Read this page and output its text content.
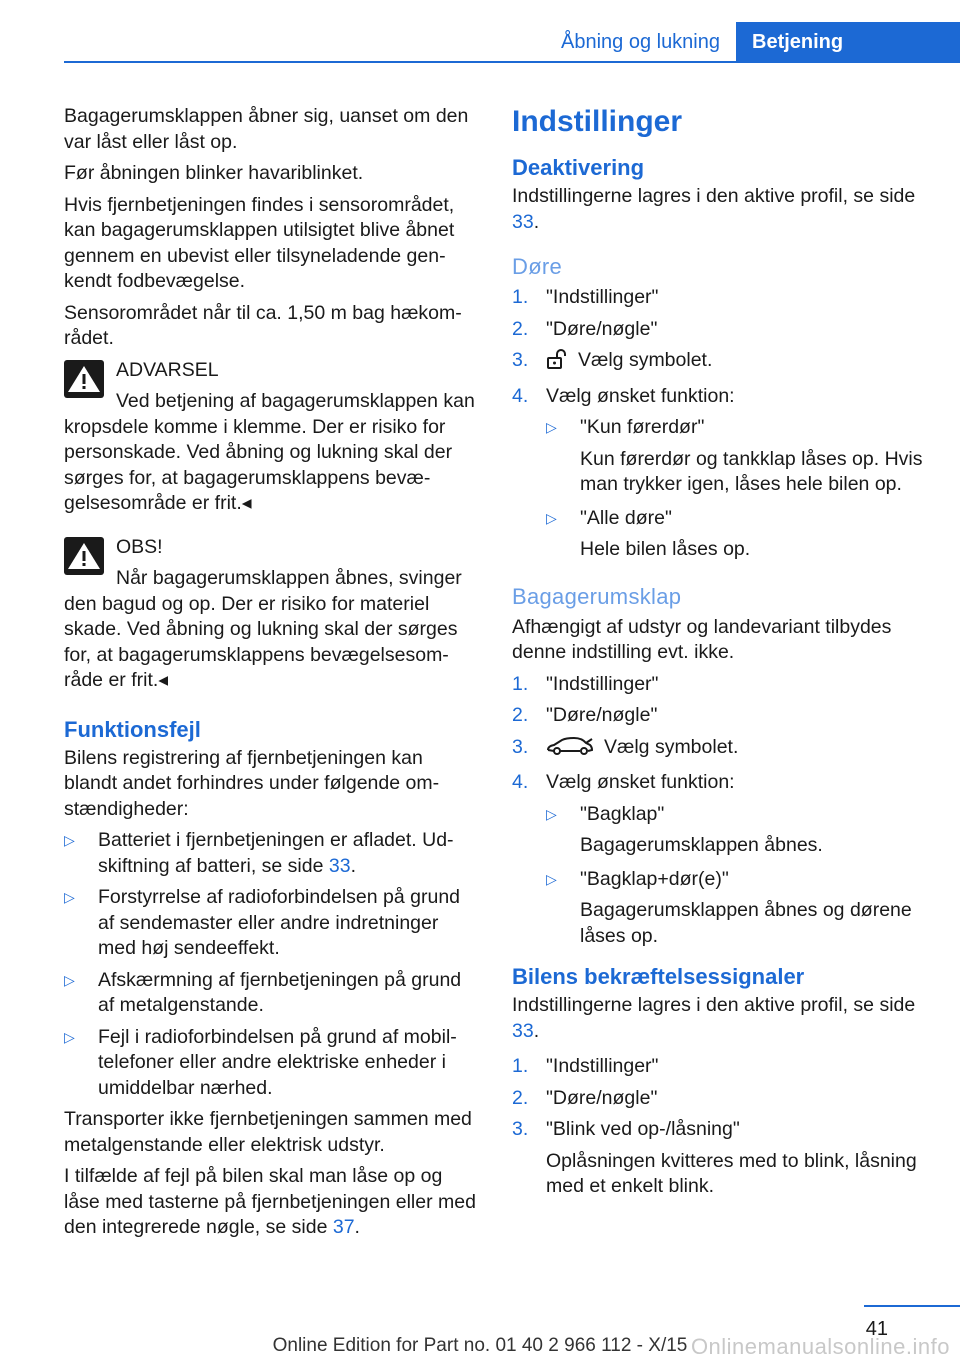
Åbning og lukning	Betjening

Bagagerumsklappen åbner sig, uanset om den var låst eller låst op.

Før åbningen blinker havariblinket.

Hvis fjernbetjeningen findes i sensorområdet, kan bagagerumsklappen utilsigtet blive åbnet gennem en ubevist eller tilsyneladende gen-kendt fodbevægelse.

Sensorområdet når til ca. 1,50 m bag hækom-rådet.

ADVARSEL
Ved betjening af bagagerumsklappen kan kropsdele komme i klemme. Der er risiko for personskade. Ved åbning og lukning skal der sørges for, at bagagerumsklappens bevæ-gelsesområde er frit.◂
OBS!
Når bagagerumsklappen åbnes, svinger den bagud og op. Der er risiko for materiel skade. Ved åbning og lukning skal der sørges for, at bagagerumsklappens bevægelsesom-råde er frit.◂
Funktionsfejl

Bilens registrering af fjernbetjeningen kan blandt andet forhindres under følgende om-stændigheder:

▷ Batteriet i fjernbetjeningen er afladet. Ud-skiftning af batteri, se side 33.
▷ Forstyrrelse af radioforbindelsen på grund af sendemaster eller andre indretninger med høj sendeeffekt.
▷ Afskærmning af fjernbetjeningen på grund af metalgenstande.
▷ Fejl i radioforbindelsen på grund af mobil-telefoner eller andre elektriske enheder i umiddelbar nærhed.

Transporter ikke fjernbetjeningen sammen med metalgenstande eller elektrisk udstyr.

I tilfælde af fejl på bilen skal man låse op og låse med tasterne på fjernbetjeningen eller med den integrerede nøgle, se side 37.

Indstillinger
Deaktivering

Indstillingerne lagres i den aktive profil, se side 33.

Døre
1. "Indstillinger"
2. "Døre/nøgle"
3.	Vælg symbolet.
4. Vælg ønsket funktion:
▷ "Kun førerdør"
Kun førerdør og tankklap låses op. Hvis man trykker igen, låses hele bilen op.
▷ "Alle døre"
Hele bilen låses op.
Bagagerumsklap

Afhængigt af udstyr og landevariant tilbydes denne indstilling evt. ikke.

1. "Indstillinger"
2. "Døre/nøgle"
3.	Vælg symbolet.
4. Vælg ønsket funktion:
▷ "Bagklap"
Bagagerumsklappen åbnes.
▷ "Bagklap+dør(e)"
Bagagerumsklappen åbnes og dørene låses op.
Bilens bekræftelsessignaler

Indstillingerne lagres i den aktive profil, se side 33.

1. "Indstillinger"
2. "Døre/nøgle"
3. "Blink ved op-/låsning"
Oplåsningen kvitteres med to blink, låsning med et enkelt blink.
41
Online Edition for Part no. 01 40 2 966 112 - X/15 Onlinemanualsonline.info
